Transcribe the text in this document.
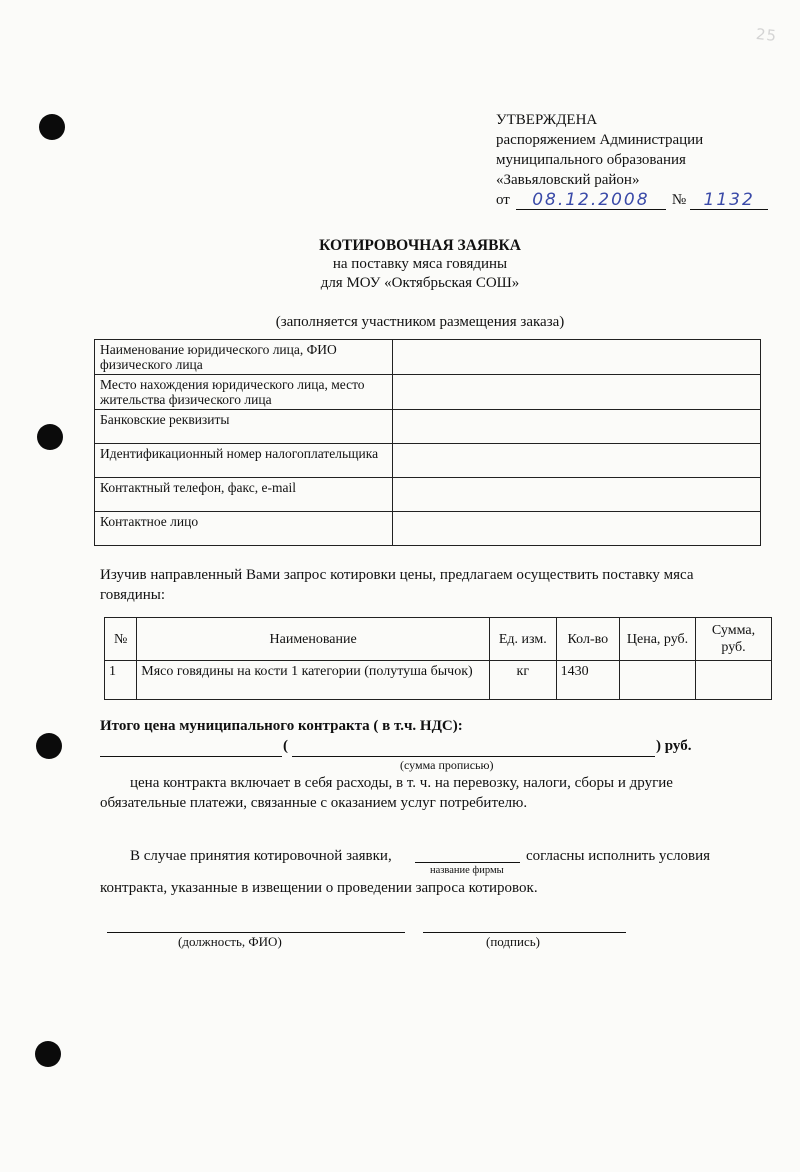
25
УТВЕРЖДЕНА
распоряжением Администрации
муниципального образования
«Завьяловский район»
от	08.12.2008	№	1132
КОТИРОВОЧНАЯ ЗАЯВКА
на поставку мяса говядины
для МОУ «Октябрьская СОШ»
(заполняется участником размещения заказа)
Наименование юридического лица, ФИО физического лица	
Место нахождения юридического лица, место жительства физического лица	
Банковские реквизиты	
Идентификационный номер налогоплательщика	
Контактный телефон, факс, e-mail	
Контактное лицо	
Изучив направленный Вами запрос котировки цены, предлагаем осуществить поставку мяса говядины:
№	Наименование	Ед. изм.	Кол-во	Цена, руб.	Сумма, руб.
1	Мясо говядины на кости 1 категории (полутуша бычок)	кг	1430		
Итого цена муниципального контракта ( в т.ч. НДС):
(	) руб.
(сумма прописью)
цена контракта включает в себя расходы, в т. ч. на перевозку, налоги, сборы и другие обязательные платежи, связанные с оказанием услуг потребителю.
В случае принятия котировочной заявки,	согласны исполнить условия
название фирмы
контракта, указанные в извещении о проведении запроса котировок.
(должность, ФИО)	(подпись)
